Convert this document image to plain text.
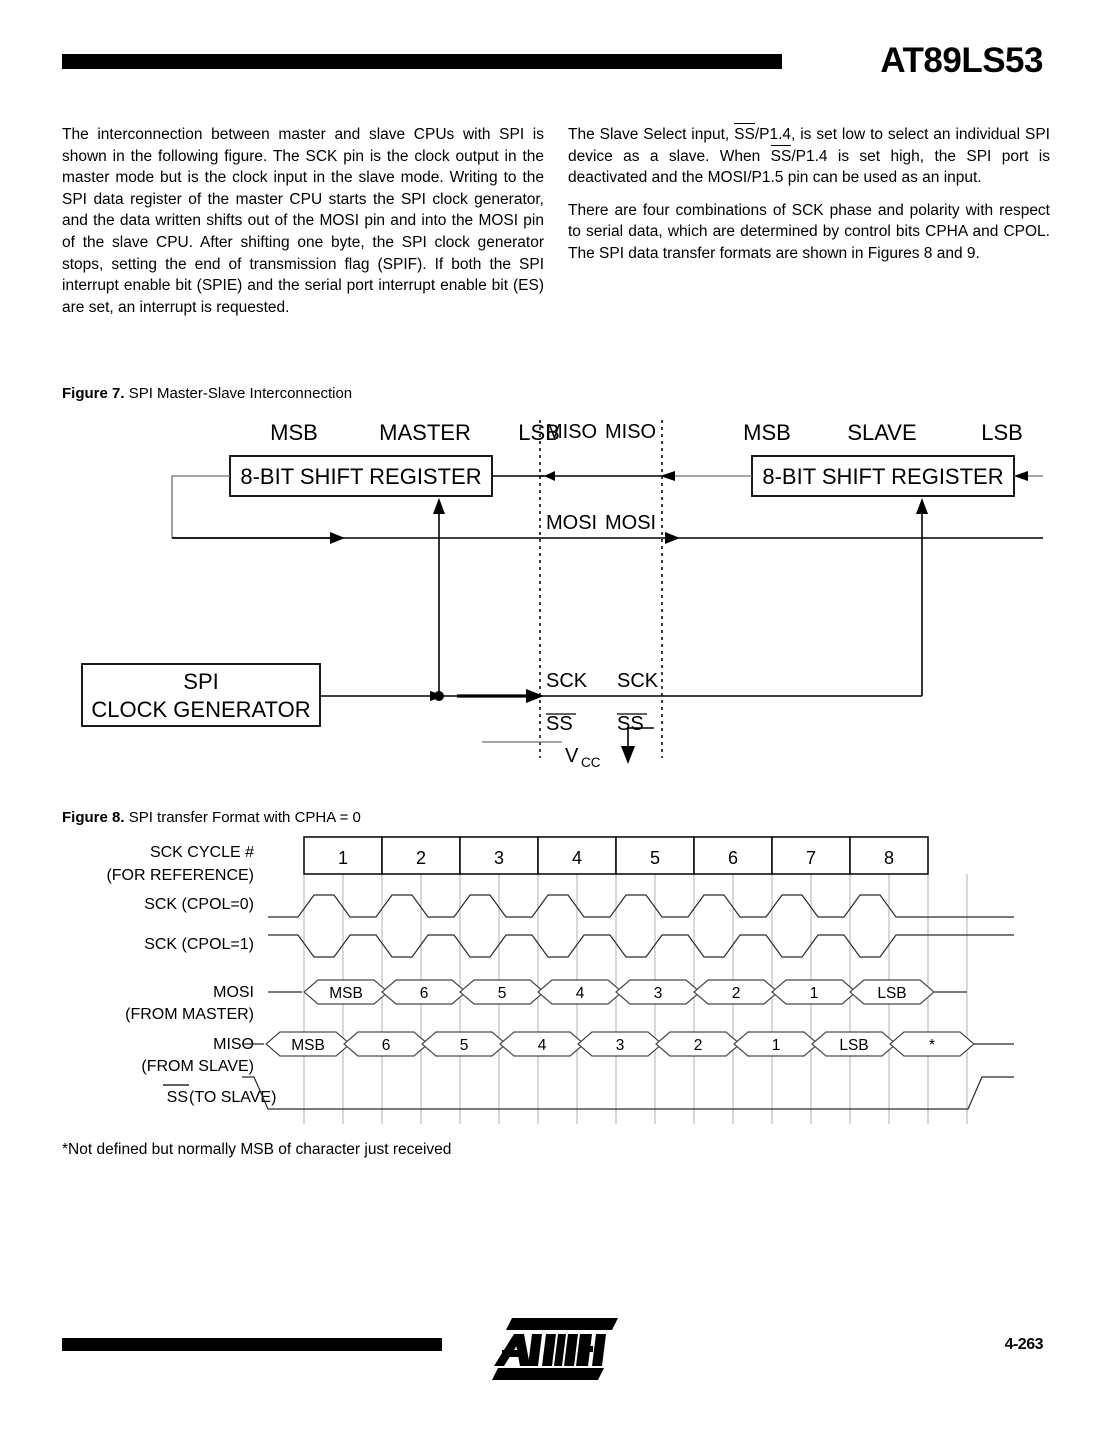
AT89LS53

The interconnection between master and slave CPUs with SPI is shown in the following figure. The SCK pin is the clock output in the master mode but is the clock input in the slave mode. Writing to the SPI data register of the master CPU starts the SPI clock generator, and the data written shifts out of the MOSI pin and into the MOSI pin of the slave CPU. After shifting one byte, the SPI clock generator stops, setting the end of transmission flag (SPIF). If both the SPI interrupt enable bit (SPIE) and the serial port interrupt enable bit (ES) are set, an interrupt is requested.

The Slave Select input, SS/P1.4, is set low to select an individual SPI device as a slave. When SS/P1.4 is set high, the SPI port is deactivated and the MOSI/P1.5 pin can be used as an input.

There are four combinations of SCK phase and polarity with respect to serial data, which are determined by control bits CPHA and CPOL. The SPI data transfer formats are shown in Figures 8 and 9.

Figure 7. SPI Master-Slave Interconnection
MSB	MASTER LSB	MSB	SLAVE	LSB
8-BIT SHIFT REGISTER
SPI
CLOCK GENERATOR
8-BIT SHIFT REGISTER
MISO MISO
MOSI MOSI
SCK SCK
SS SS
V CC
Figure 8. SPI transfer Format with CPHA = 0
SCK CYCLE #
(FOR REFERENCE)
SCK (CPOL=0)
SCK (CPOL=1)
MOSI
(FROM MASTER)
MISO
(FROM SLAVE)
SS (TO SLAVE)
1	2	3	4	5	6	7	8
MSB	6	5	4	3	2	1	LSB
MSB	6	5	4	3	2	1	LSB	*
*Not defined but normally MSB of character just received
4-263
